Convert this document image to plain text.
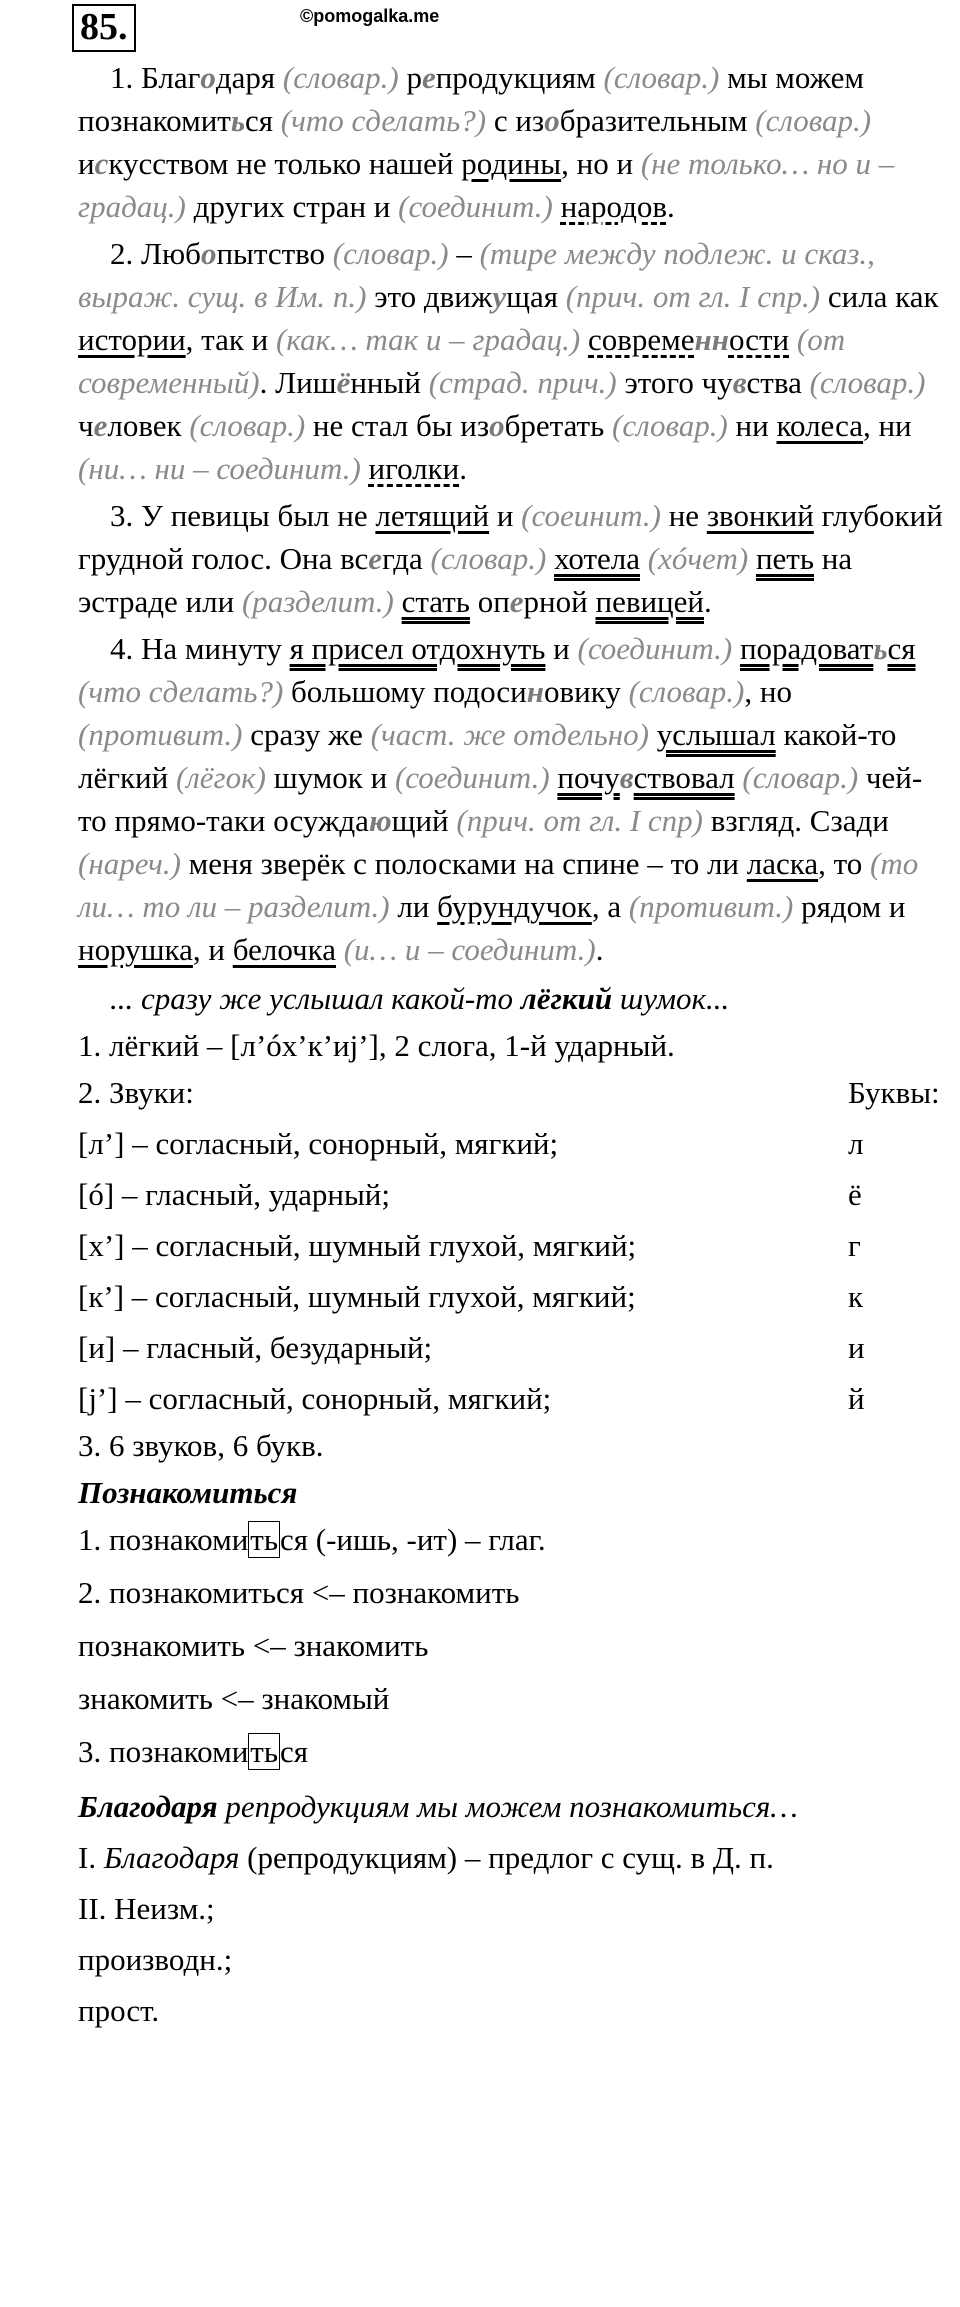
85.	©pomogalka.me

1. Благодаря (словар.) репродукциям (словар.) мы можем познакомиться (что сделать?) с изобразительным (словар.) искусством не только нашей родины, но и (не только… но и – градац.) других стран и (соединит.) народов.

2. Любопытство (словар.) – (тире между подлеж. и сказ., выраж. сущ. в Им. п.) это движущая (прич. от гл. I спр.) сила как истории, так и (как… так и – градац.) современности (от современный). Лишённый (страд. прич.) этого чувства (словар.) человек (словар.) не стал бы изобретать (словар.) ни колеса, ни (ни… ни – соединит.) иголки.

3. У певицы был не летящий и (соеинит.) не звонкий глубокий грудной голос. Она всегда (словар.) хотела (хóчет) петь на эстраде или (разделит.) стать оперной певицей.

4. На минуту я присел отдохнуть и (соединит.) порадоваться (что сделать?) большому подосиновику (словар.), но (противит.) сразу же (част. же отдельно) услышал какой-то лёгкий (лёгок) шумок и (соединит.) почувствовал (словар.) чей-то прямо-таки осуждающий (прич. от гл. I спр) взгляд. Сзади (нареч.) меня зверёк с полосками на спине – то ли ласка, то (то ли… то ли – разделит.) ли бурундучок, а (противит.) рядом и норушка, и белочка (и… и – соединит.).

... сразу же услышал какой-то лёгкий шумок...

1. лёгкий – [л’óх’к’иj’], 2 слога, 1-й ударный.

2. Звуки:	Буквы:
[л’] – согласный, сонорный, мягкий;	л
[ó] – гласный, ударный;	ё
[х’] – согласный, шумный глухой, мягкий;	г
[к’] – согласный, шумный глухой, мягкий;	к
[и] – гласный, безударный;	и
[j’] – согласный, сонорный, мягкий;	й

3. 6 звуков, 6 букв.

Познакомиться

1. познакомиться (-ишь, -ит) – глаг.

2. познакомиться <– познакомить

познакомить <– знакомить

знакомить <– знакомый

3. познакомиться

Благодаря репродукциям мы можем познакомиться…

I. Благодаря (репродукциям) – предлог с сущ. в Д. п.

II. Неизм.;

производн.;

прост.
